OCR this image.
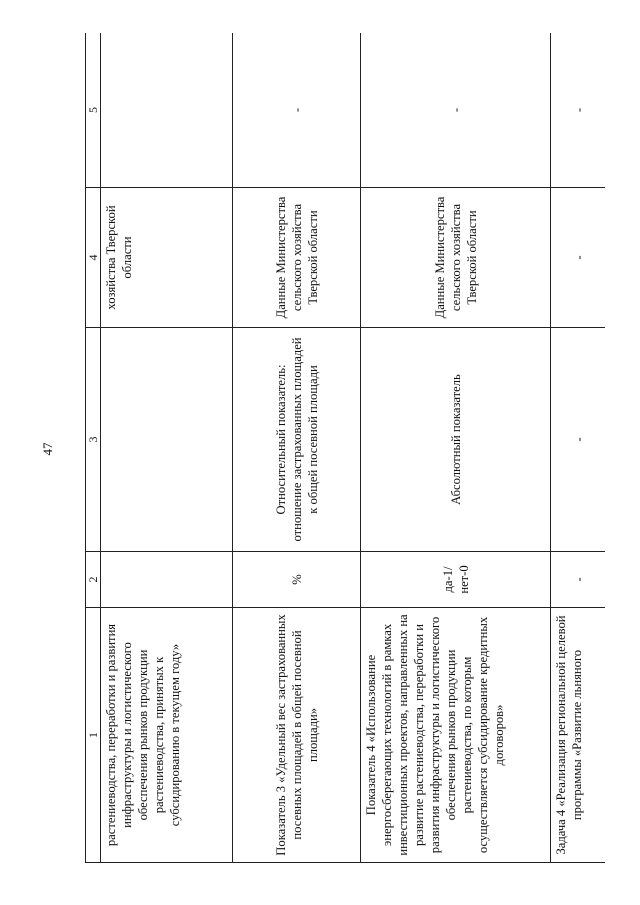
47
1	2	3	4	5
растениеводства, переработки и развития инфраструктуры и логистического обеспечения рынков продукции растениеводства, принятых к субсидированию в текущем году»			хозяйства Тверской области	
Показатель 3 «Удельный вес застрахованных посевных площадей в общей посевной площади»	%	Относительный показатель: отношение застрахованных площадей к общей посевной площади	Данные Министерства сельского хозяйства Тверской области	-
Показатель 4 «Использование энергосберегающих технологий в рамках инвестиционных проектов, направленных на развитие растениеводства, переработки и развития инфраструктуры и логистического обеспечения рынков продукции растениеводства, по которым осуществляется субсидирование кредитных договоров»	да-1/ нет-0	Абсолютный показатель	Данные Министерства сельского хозяйства Тверской области	-
Задача 4 «Реализация региональной целевой программы «Развитие льняного	-	-	-	-
